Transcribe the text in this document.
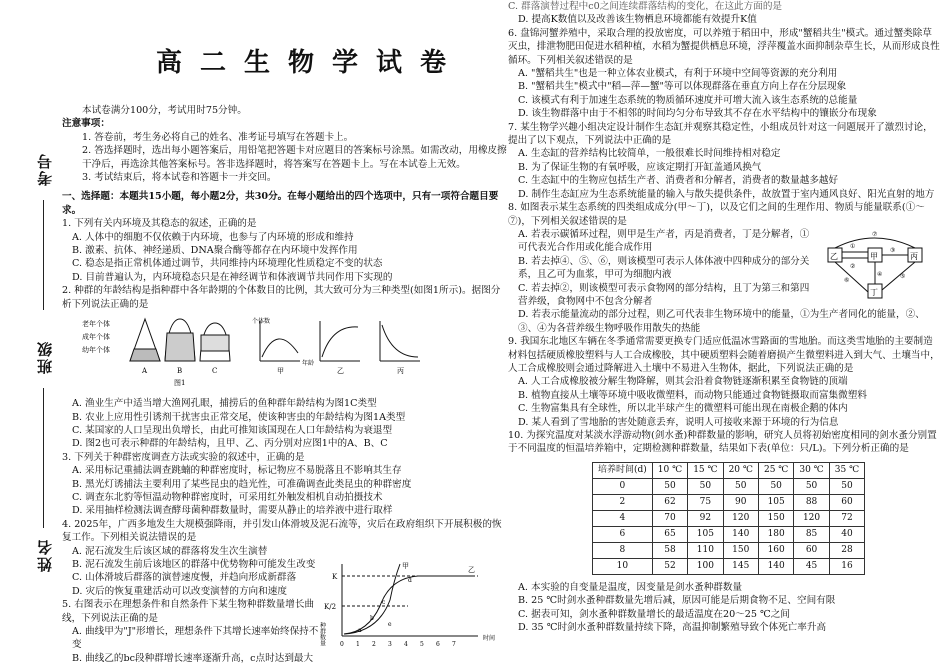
考号
班级
姓名
高二生物学试卷

本试卷满分100分，考试用时75分钟。

注意事项：

1. 答卷前，考生务必将自己的姓名、准考证号填写在答题卡上。

2. 答选择题时，选出每小题答案后，用铅笔把答题卡对应题目的答案标号涂黑。如需改动，用橡皮擦干净后，再选涂其他答案标号。答非选择题时，将答案写在答题卡上。写在本试卷上无效。

3. 考试结束后，将本试卷和答题卡一并交回。

一、选择题：本题共15小题，每小题2分，共30分。在每小题给出的四个选项中，只有一项符合题目要求。

1. 下列有关内环境及其稳态的叙述，正确的是

A. 人体中的细胞不仅依赖于内环境，也参与了内环境的形成和维持

B. 激素、抗体、神经递质、DNA聚合酶等都存在内环境中发挥作用

C. 稳态是指正常机体通过调节，共同维持内环境理化性质稳定不变的状态

D. 目前普遍认为，内环境稳态只是在神经调节和体液调节共同作用下实现的

2. 种群的年龄结构是指种群中各年龄期的个体数目的比例，其大致可分为三种类型(如图1所示)。据图分析下列说法正确的是

老年个体
成年个体
幼年个体
A	B	C
图1
甲	乙	丙
个体数
年龄

A. 渔业生产中适当增大渔网孔眼，捕捞后的鱼种群年龄结构为图1C类型

B. 农业上应用性引诱剂干扰害虫正常交尾，使该种害虫的年龄结构为图1A类型

C. 某国家的人口呈现出负增长，由此可推知该国现在人口年龄结构为衰退型

D. 图2也可表示种群的年龄结构，且甲、乙、丙分别对应图1中的A、B、C

3. 下列关于种群密度调查方法或实验的叙述中，正确的是

A. 采用标记重捕法调查跳蝻的种群密度时，标记物应不易脱落且不影响其生存

B. 黑光灯诱捕法主要利用了某些昆虫的趋光性，可准确调查此类昆虫的种群密度

C. 调查东北豹等恒温动物种群密度时，可采用红外触发相机自动拍摄技术

D. 采用抽样检测法调查酵母菌种群数量时，需要从静止的培养液中进行取样

4. 2025年，广西多地发生大规模强降雨，并引发山体滑坡及泥石流等，灾后在政府组织下开展积极的恢复工作。下列相关说法错误的是

A. 泥石流发生后该区域的群落将发生次生演替

B. 泥石流发生前后该地区的群落中优势物种可能发生改变

C. 山体滑坡后群落的演替速度慢，并趋向形成新群落

D. 灾后的恢复重建活动可以改变演替的方向和速度

5. 右图表示在理想条件和自然条件下某生物种群数量增长曲线，下列说法正确的是

A. 曲线甲为"J"形增长，理想条件下其增长速率始终保持不变

B. 曲线乙的bc段种群增长速率逐渐升高，c点时达到最大

K
K/2
甲	乙
种群数量	时间
a
b
c
d
e
0 1 2 3 4 5 6 7

C. 群落演替过程中c0之间连续群落结构的变化，在这此方面的是

D. 提高K数值以及改善该生物栖息环境都能有效提升K值

6. 盘锦河蟹养殖中，采取合理的投放密度，可以养殖于稻田中，形成"蟹稻共生"模式。通过蟹类除草灭虫，排泄物肥田促进水稻种植，水稻为蟹提供栖息环境，浮萍覆盖水面抑制杂草生长，从而形成良性循环。下列相关叙述错误的是

A. "蟹稻共生"也是一种立体农业模式，有利于环境中空间等资源的充分利用

B. "蟹稻共生"模式中"稻—萍—蟹"等可以体现群落在垂直方向上存在分层现象

C. 该模式有利于加速生态系统的物质循环速度并可增大流入该生态系统的总能量

D. 该生物群落中由于不相邻的时间均匀分布导致其不存在水平结构中的镶嵌分布现象

7. 某生物学兴趣小组决定设计制作生态缸并观察其稳定性，小组成员针对这一问题展开了激烈讨论，提出了以下观点，下列说法中正确的是

A. 生态缸的营养结构比较简单，一般很难长时间维持相对稳定

B. 为了保证生物的有氧呼吸，应该定期打开缸盖通风换气

C. 生态缸中的生物应包括生产者、消费者和分解者，消费者的数量越多越好

D. 制作生态缸应为生态系统能量的输入与散失提供条件，故放置于室内通风良好、阳光直射的地方

8. 如图表示某生态系统的四类组成成分(甲～丁)，以及它们之间的生理作用、物质与能量联系(①～⑦)，下列相关叙述错误的是

A. 若表示碳循环过程，则甲是生产者，丙是消费者，丁是分解者，①可代表光合作用或化能合成作用

B. 若去掉④、⑤、⑥，则该模型可表示人体体液中四种成分的部分关系，且乙可为血浆，甲可为细胞内液

C. 若去掉②，则该模型可表示食物网的部分结构，且丁为第三和第四营养级，食物网中不包含分解者

D. 若表示能量流动的部分过程，则乙可代表非生物环境中的能量，①为生产者同化的能量，②、③、④为各营养级生物呼吸作用散失的热能

乙	甲	丙
丁
①
②
③
④	⑤
⑥
⑦

9. 我国东北地区车辆在冬季通常需要更换专门适应低温冰雪路面的雪地胎。而这类雪地胎的主要制造材料包括硬质橡胶塑料与人工合成橡胶，其中硬质塑料会随着磨损产生微塑料进入到大气、土壤当中，人工合成橡胶则会通过降解进入土壤中不易进入生物体，据此，下列说法正确的是

A. 人工合成橡胶被分解生物降解，则其会沿着食物链逐渐积累至食物链的顶端

B. 植物直接从土壤等环境中吸收微塑料，而动物只能通过食物链摄取而富集微塑料

C. 生物富集具有全球性，所以北半球产生的微塑料可能出现在南极企鹅的体内

D. 某人看到了雪地胎的害处随意丢弃，说明人可接收来源于环境的行为信息

10. 为探究温度对某淡水浮游动物(剑水蚤)种群数量的影响，研究人员将初始密度相同的剑水蚤分别置于不同温度的恒温培养箱中，定期检测种群数量，结果如下表(单位：只/L)。下列分析正确的是

培养时间(d)	10 ℃	15 ℃	20 ℃	25 ℃	30 ℃	35 ℃
0	50	50	50	50	50	50
2	62	75	90	105	88	60
4	70	92	120	150	120	72
6	65	105	140	180	85	40
8	58	110	150	160	60	28
10	52	100	145	140	45	16

A. 本实验的自变量是温度，因变量是剑水蚤种群数量

B. 25 ℃时剑水蚤种群数量先增后减，原因可能是后期食物不足、空间有限

C. 据表可知，剑水蚤种群数量增长的最适温度在20～25 ℃之间

D. 35 ℃时剑水蚤种群数量持续下降，高温抑制繁殖导致个体死亡率升高
